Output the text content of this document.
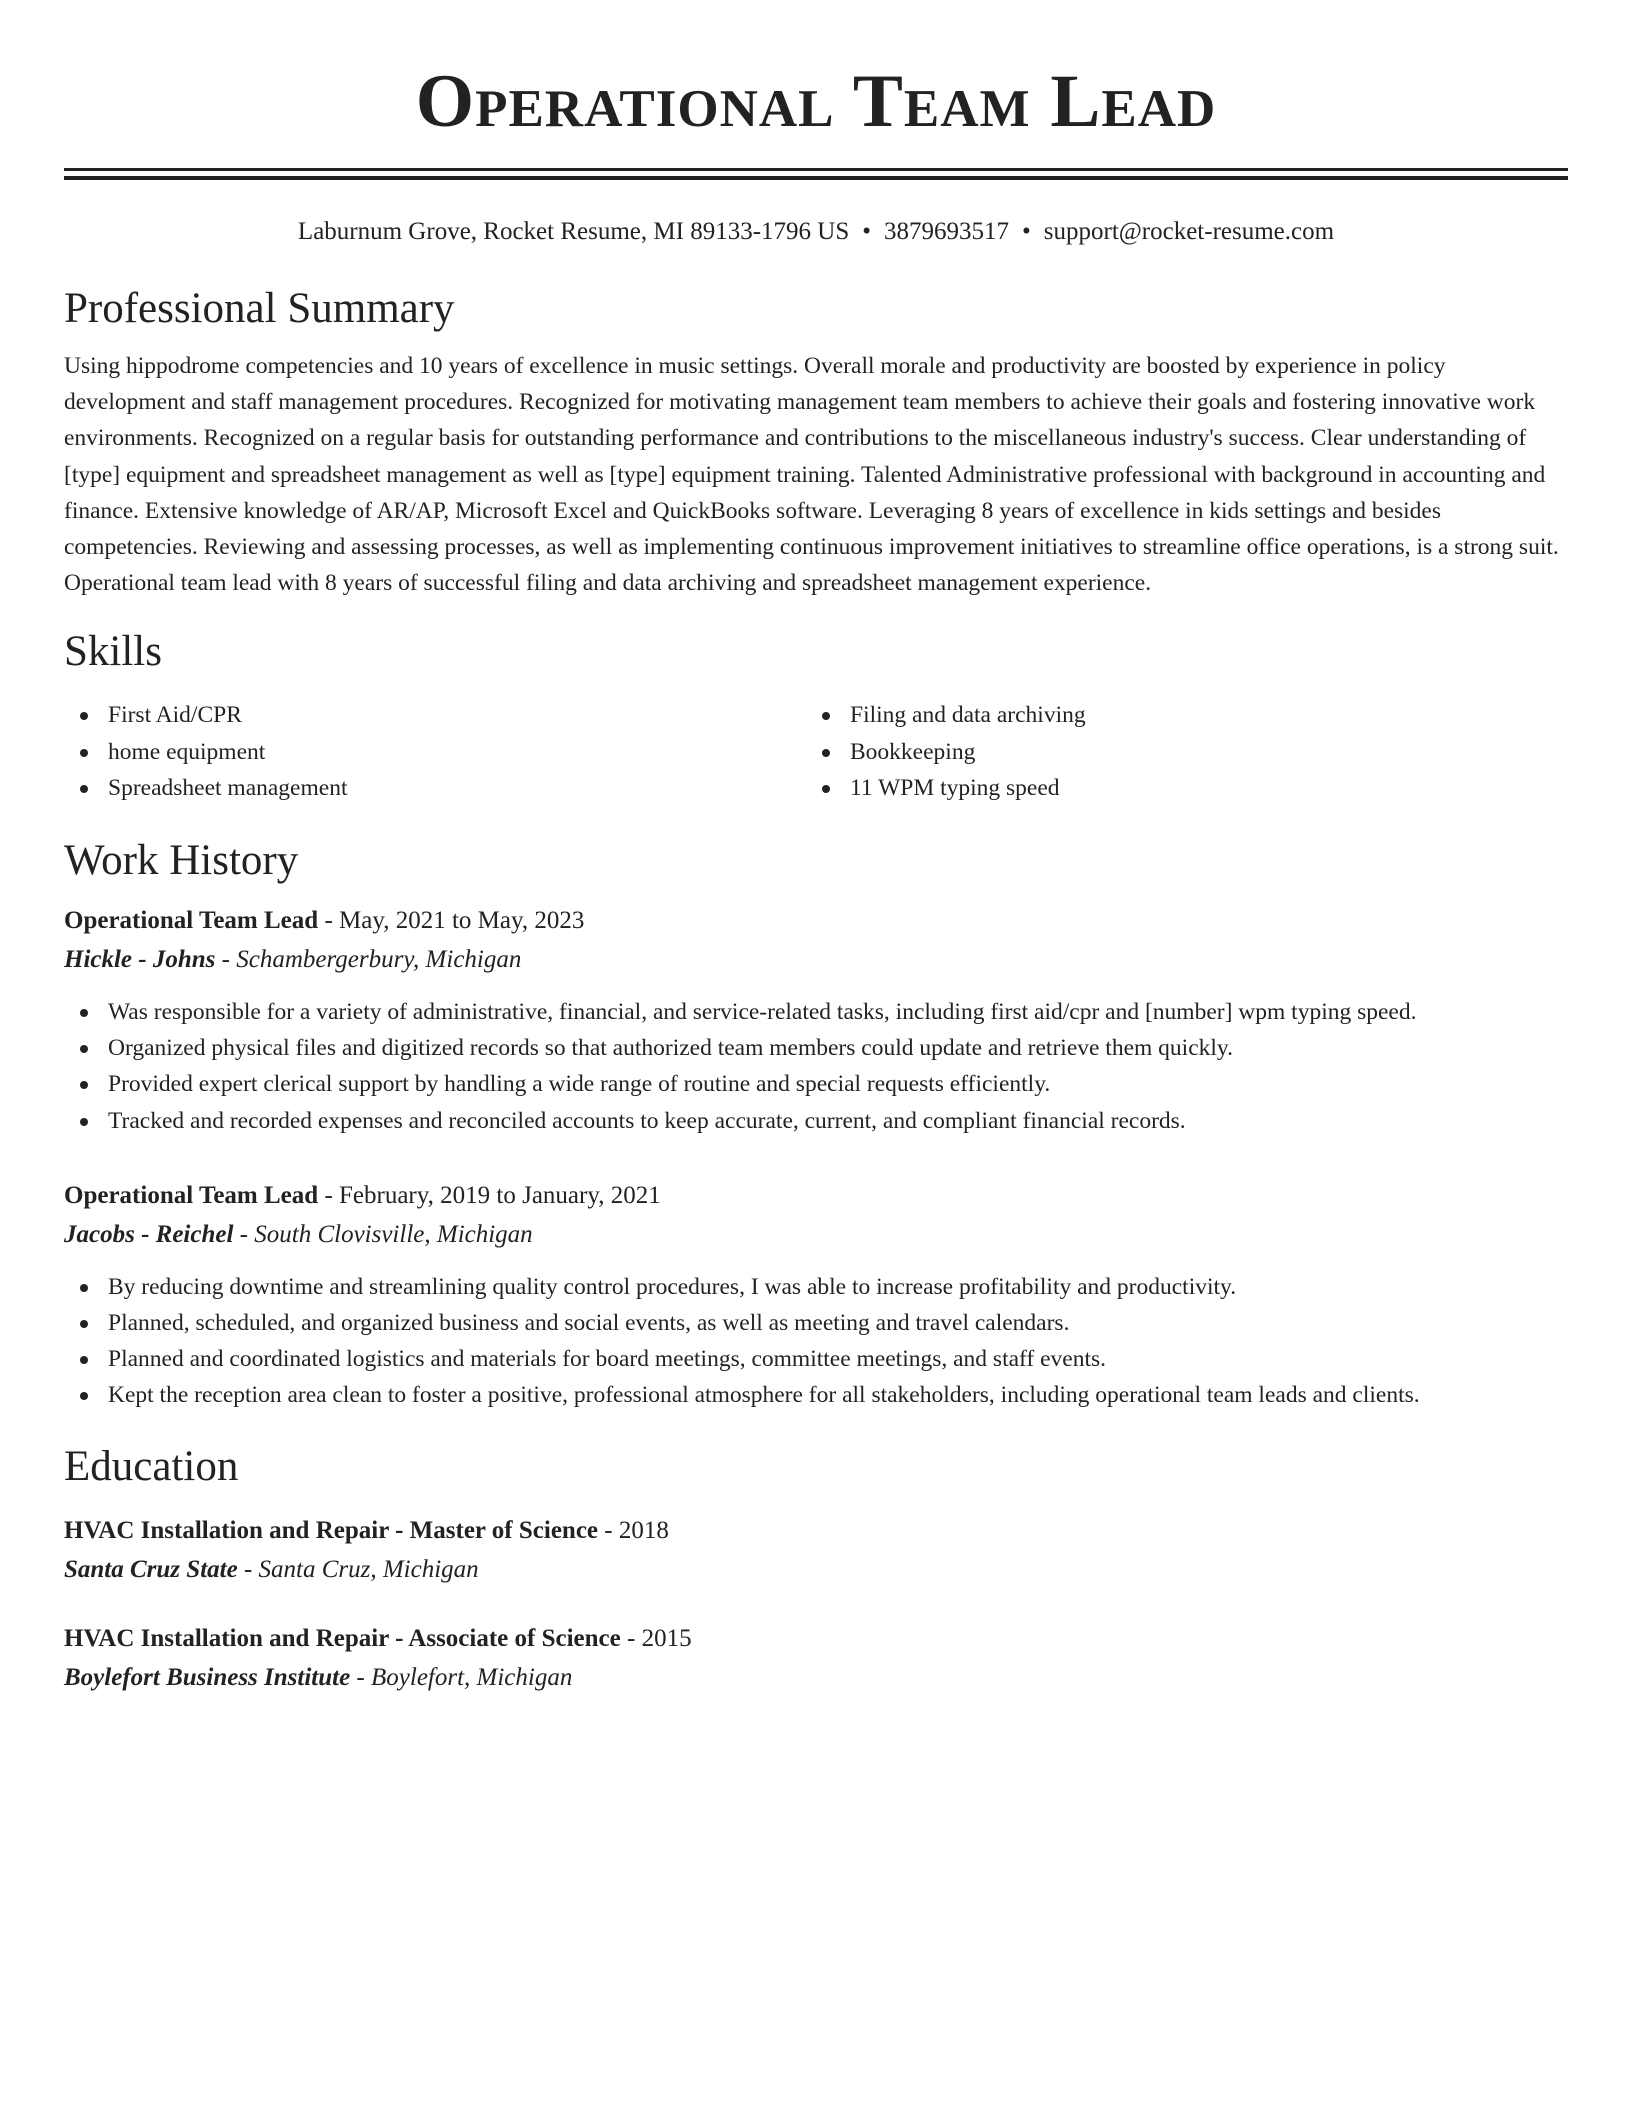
Operational Team Lead
Laburnum Grove, Rocket Resume, MI 89133-1796 US • 3879693517 • support@rocket-resume.com
Professional Summary

Using hippodrome competencies and 10 years of excellence in music settings. Overall morale and productivity are boosted by experience in policy development and staff management procedures. Recognized for motivating management team members to achieve their goals and fostering innovative work environments. Recognized on a regular basis for outstanding performance and contributions to the miscellaneous industry's success. Clear understanding of [type] equipment and spreadsheet management as well as [type] equipment training. Talented Administrative professional with background in accounting and finance. Extensive knowledge of AR/AP, Microsoft Excel and QuickBooks software. Leveraging 8 years of excellence in kids settings and besides competencies. Reviewing and assessing processes, as well as implementing continuous improvement initiatives to streamline office operations, is a strong suit. Operational team lead with 8 years of successful filing and data archiving and spreadsheet management experience.

Skills
First Aid/CPR
home equipment
Spreadsheet management
Filing and data archiving
Bookkeeping
11 WPM typing speed
Work History
Operational Team Lead - May, 2021 to May, 2023
Hickle - Johns - Schambergerbury, Michigan
Was responsible for a variety of administrative, financial, and service-related tasks, including first aid/cpr and [number] wpm typing speed.
Organized physical files and digitized records so that authorized team members could update and retrieve them quickly.
Provided expert clerical support by handling a wide range of routine and special requests efficiently.
Tracked and recorded expenses and reconciled accounts to keep accurate, current, and compliant financial records.
Operational Team Lead - February, 2019 to January, 2021
Jacobs - Reichel - South Clovisville, Michigan
By reducing downtime and streamlining quality control procedures, I was able to increase profitability and productivity.
Planned, scheduled, and organized business and social events, as well as meeting and travel calendars.
Planned and coordinated logistics and materials for board meetings, committee meetings, and staff events.
Kept the reception area clean to foster a positive, professional atmosphere for all stakeholders, including operational team leads and clients.
Education
HVAC Installation and Repair - Master of Science - 2018
Santa Cruz State - Santa Cruz, Michigan
HVAC Installation and Repair - Associate of Science - 2015
Boylefort Business Institute - Boylefort, Michigan
